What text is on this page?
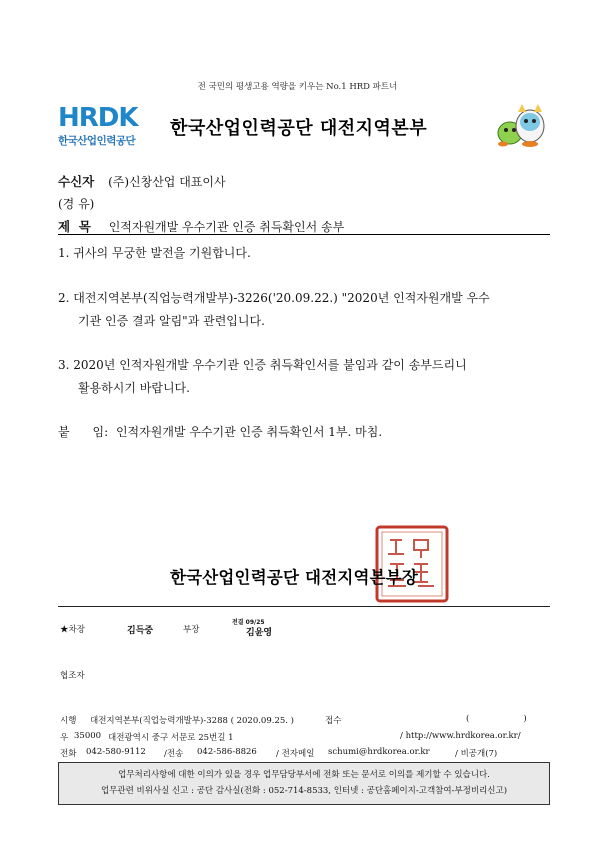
전 국민의 평생고용 역량을 키우는 No.1 HRD 파트너
HRDK
한국산업인력공단
한국산업인력공단 대전지역본부
수신자 (주)신창산업 대표이사
(경 유)
제  목 인적자원개발 우수기관 인증 취득확인서 송부
1. 귀사의 무궁한 발전을 기원합니다.
2. 대전지역본부(직업능력개발부)-3226('20.09.22.) "2020년 인적자원개발 우수
기관 인증 결과 알림"과 관련입니다.
3. 2020년 인적자원개발 우수기관 인증 취득확인서를 붙임과 같이 송부드리니
활용하시기 바랍니다.
붙      임: 인적자원개발 우수기관 인증 취득확인서 1부. 마침.
한국산업인력공단 대전지역본부장
★차장	김득중	부장
전결 09/25
김윤영
협조자
시행 대전지역본부(직업능력개발부)-3288 ( 2020.09.25. )	접수	(                    )
우 35000 대전광역시 중구 서문로 25번길 1	/ http://www.hrdkorea.or.kr/
전화 042-580-9112 /전송 042-586-8826 / 전자메일 schumi@hrdkorea.or.kr	/ 비공개(7)
업무처리사항에 대한 이의가 있을 경우 업무담당부서에 전화 또는 문서로 이의를 제기할 수 있습니다.
업무관련 비위사실 신고 : 공단 감사실(전화 : 052-714-8533, 인터넷 : 공단홈페이지-고객참여-부정비리신고)
